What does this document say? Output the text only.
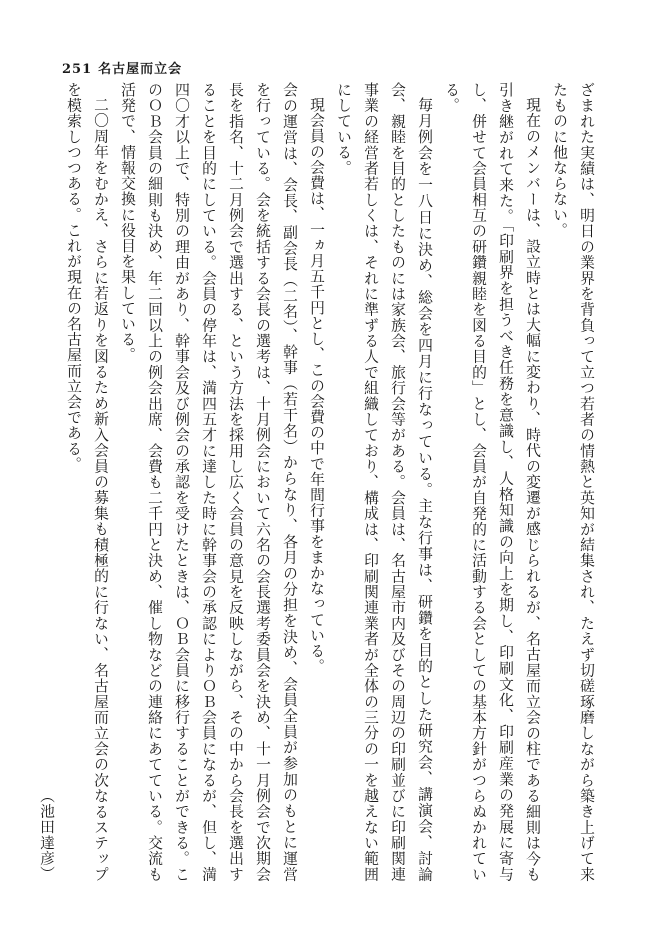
251 名古屋而立会

ざまれた実績は、明日の業界を背負って立つ若者の情熱と英知が結集され、たえず切磋琢磨しながら築き上げて来たものに他ならない。

現在のメンバーは、設立時とは大幅に変わり、時代の変遷が感じられるが、名古屋而立会の柱である細則は今も引き継がれて来た。「印刷界を担うべき任務を意識し、人格知識の向上を期し、印刷文化、印刷産業の発展に寄与し、併せて会員相互の研鑽親睦を図る目的」とし、会員が自発的に活動する会としての基本方針がつらぬかれている。

毎月例会を一八日に決め、総会を四月に行なっている。主な行事は、研鑽を目的とした研究会、講演会、討論会、親睦を目的としたものには家族会、旅行会等がある。会員は、名古屋市内及びその周辺の印刷並びに印刷関連事業の経営者若しくは、それに準ずる人で組織しており、構成は、印刷関連業者が全体の三分の一を越えない範囲にしている。

現会員の会費は、一ヵ月五千円とし、この会費の中で年間行事をまかなっている。

会の運営は、会長、副会長（二名）、幹事（若干名）からなり、各月の分担を決め、会員全員が参加のもとに運営を行っている。会を統括する会長の選考は、十月例会において六名の会長選考委員会を決め、十一月例会で次期会長を指名、十二月例会で選出する、という方法を採用し広く会員の意見を反映しながら、その中から会長を選出することを目的にしている。会員の停年は、満四五才に達した時に幹事会の承認によりＯＢ会員になるが、但し、満四〇才以上で、特別の理由があり、幹事会及び例会の承認を受けたときは、ＯＢ会員に移行することができる。このＯＢ会員の細則も決め、年二回以上の例会出席、会費も二千円と決め、催し物などの連絡にあてている。交流も活発で、情報交換に役目を果している。

二〇周年をむかえ、さらに若返りを図るため新入会員の募集も積極的に行ない、名古屋而立会の次なるステップを模索しつつある。これが現在の名古屋而立会である。

（池田達彦）
